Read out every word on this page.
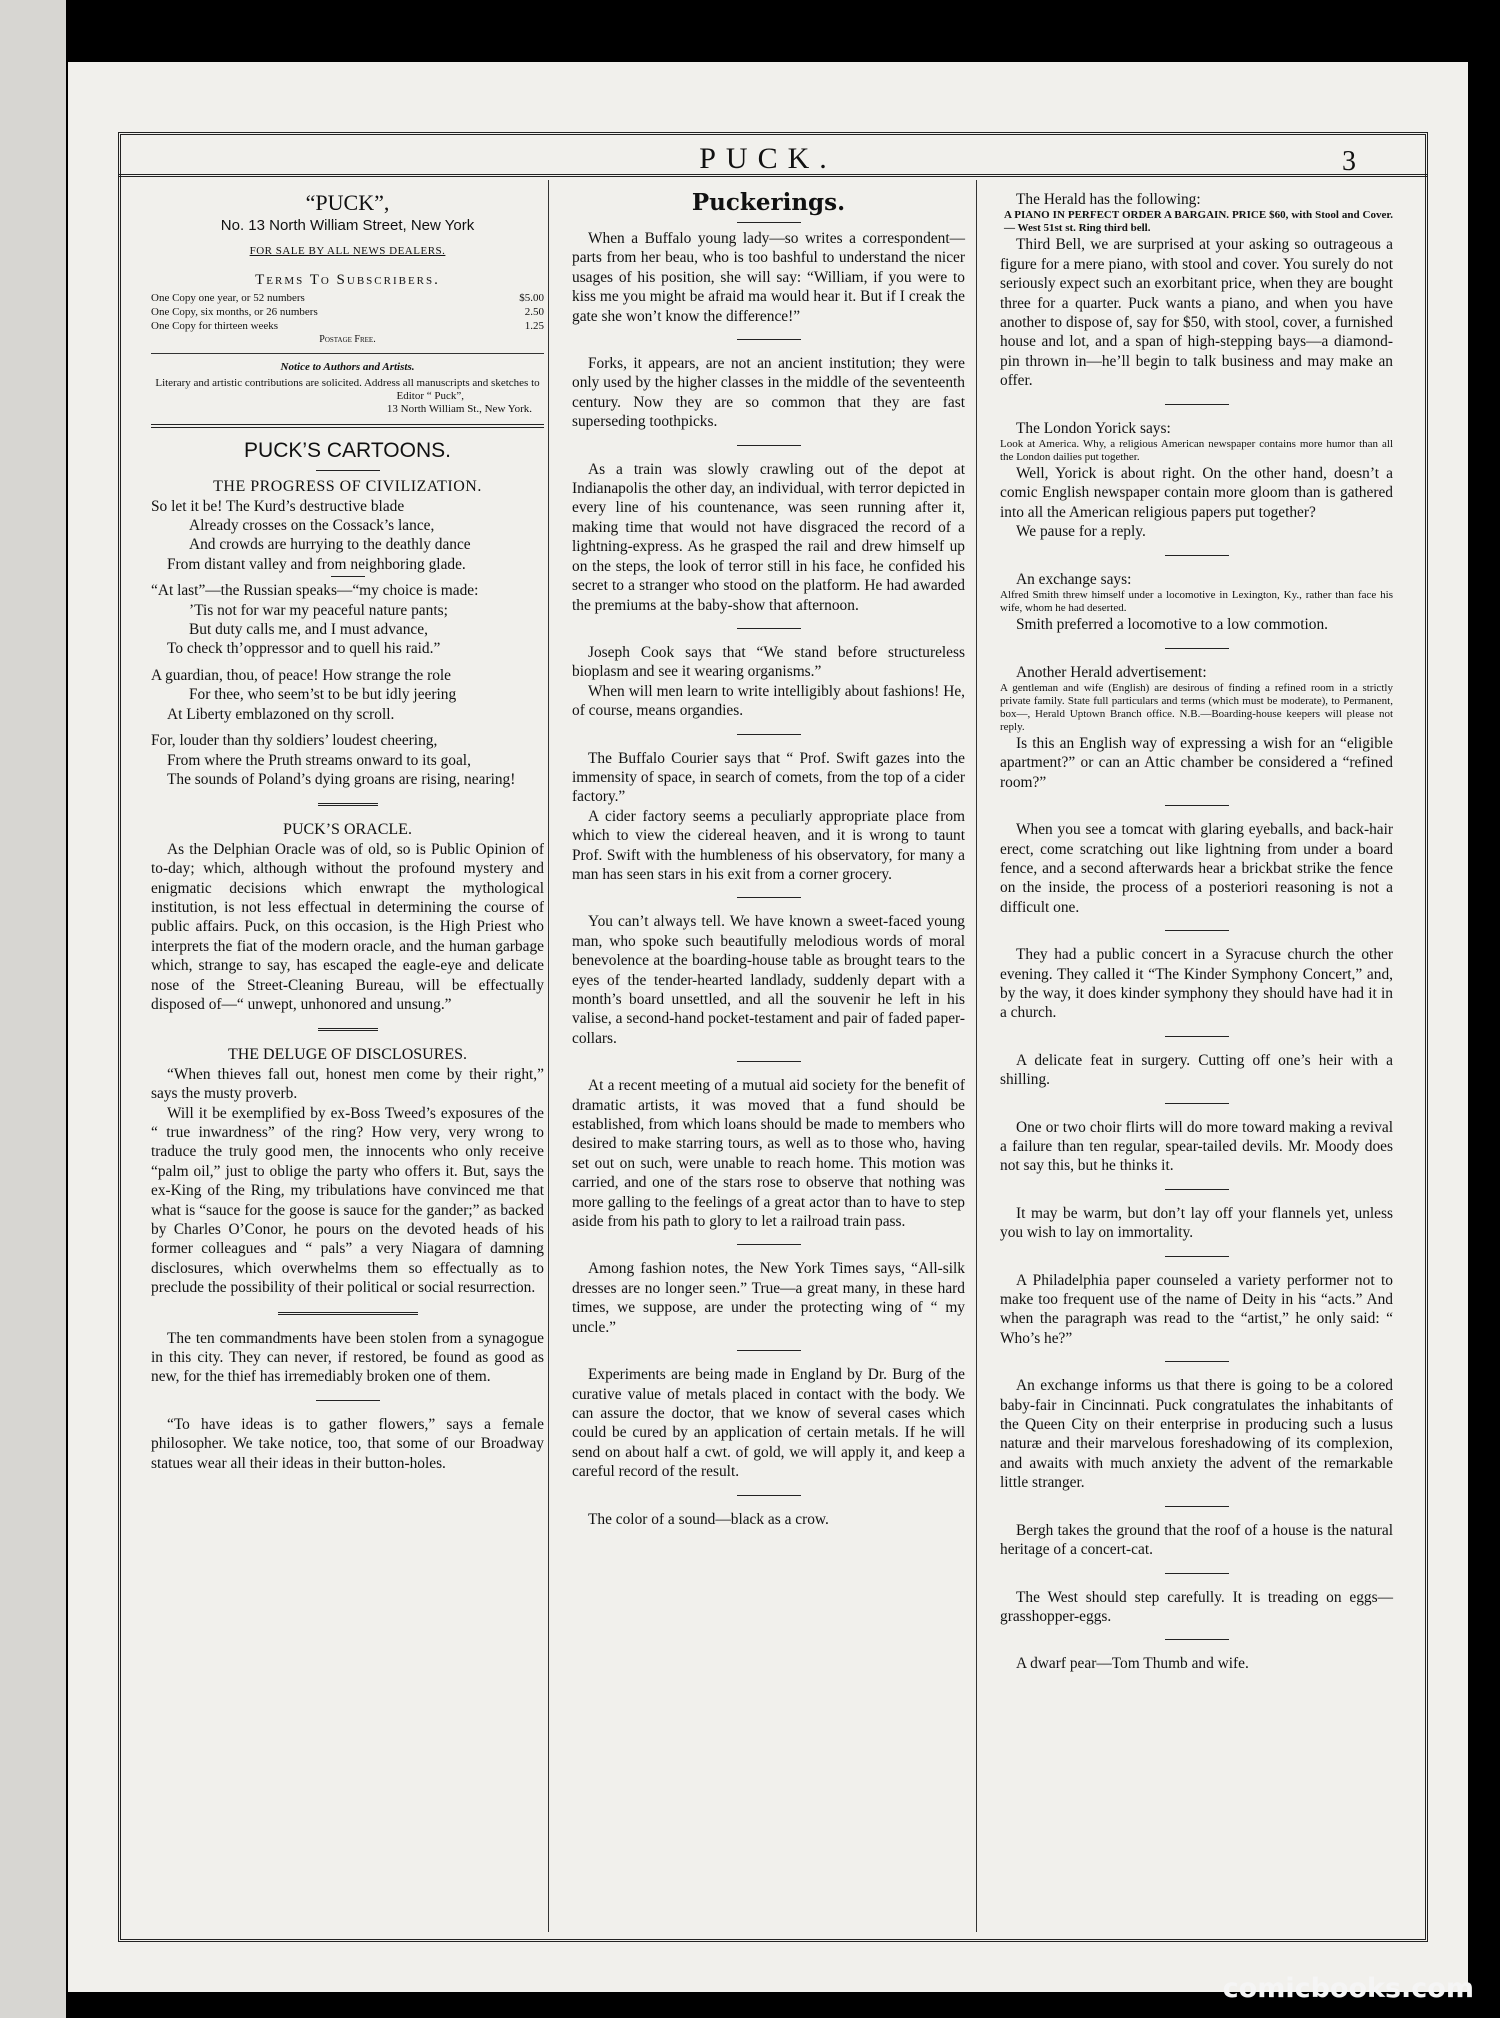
PUCK.	3
“PUCK”,
No. 13 North William Street, New York
FOR SALE BY ALL NEWS DEALERS.
Terms To Subscribers.
One Copy one year, or 52 numbers	$5.00
One Copy, six months, or 26 numbers	2.50
One Copy for thirteen weeks	1.25
Postage Free.
Notice to Authors and Artists.
Literary and artistic contributions are solicited. Address all manuscripts and sketches to
Editor “ Puck”,
13 North William St., New York.
PUCK’S CARTOONS.
THE PROGRESS OF CIVILIZATION.

So let it be! The Kurd’s destructive blade

Already crosses on the Cossack’s lance,

And crowds are hurrying to the deathly dance

From distant valley and from neighboring glade.

“At last”—the Russian speaks—“my choice is made:

’Tis not for war my peaceful nature pants;

But duty calls me, and I must advance,

To check th’oppressor and to quell his raid.”

A guardian, thou, of peace! How strange the role

For thee, who seem’st to be but idly jeering

At Liberty emblazoned on thy scroll.

For, louder than thy soldiers’ loudest cheering,

From where the Pruth streams onward to its goal,

The sounds of Poland’s dying groans are rising, nearing!

PUCK’S ORACLE.

As the Delphian Oracle was of old, so is Public Opinion of to-day; which, although without the profound mystery and enigmatic decisions which enwrapt the mythological institution, is not less effectual in determining the course of public affairs. Puck, on this occasion, is the High Priest who interprets the fiat of the modern oracle, and the human garbage which, strange to say, has escaped the eagle-eye and delicate nose of the Street-Cleaning Bureau, will be effectually disposed of—“ unwept, unhonored and unsung.”

THE DELUGE OF DISCLOSURES.

“When thieves fall out, honest men come by their right,” says the musty proverb.

Will it be exemplified by ex-Boss Tweed’s exposures of the “ true inwardness” of the ring? How very, very wrong to traduce the truly good men, the innocents who only receive “palm oil,” just to oblige the party who offers it. But, says the ex-King of the Ring, my tribulations have convinced me that what is “sauce for the goose is sauce for the gander;” as backed by Charles O’Conor, he pours on the devoted heads of his former colleagues and “ pals” a very Niagara of damning disclosures, which overwhelms them so effectually as to preclude the possibility of their political or social resurrection.

The ten commandments have been stolen from a synagogue in this city. They can never, if restored, be found as good as new, for the thief has irremediably broken one of them.

“To have ideas is to gather flowers,” says a female philosopher. We take notice, too, that some of our Broadway statues wear all their ideas in their button-holes.

Puckerings.

When a Buffalo young lady—so writes a correspondent—parts from her beau, who is too bashful to understand the nicer usages of his position, she will say: “William, if you were to kiss me you might be afraid ma would hear it. But if I creak the gate she won’t know the difference!”

Forks, it appears, are not an ancient institution; they were only used by the higher classes in the middle of the seventeenth century. Now they are so common that they are fast superseding toothpicks.

As a train was slowly crawling out of the depot at Indianapolis the other day, an individual, with terror depicted in every line of his countenance, was seen running after it, making time that would not have disgraced the record of a lightning-express. As he grasped the rail and drew himself up on the steps, the look of terror still in his face, he confided his secret to a stranger who stood on the platform. He had awarded the premiums at the baby-show that afternoon.

Joseph Cook says that “We stand before structureless bioplasm and see it wearing organisms.”

When will men learn to write intelligibly about fashions! He, of course, means organdies.

The Buffalo Courier says that “ Prof. Swift gazes into the immensity of space, in search of comets, from the top of a cider factory.”

A cider factory seems a peculiarly appropriate place from which to view the cidereal heaven, and it is wrong to taunt Prof. Swift with the humbleness of his observatory, for many a man has seen stars in his exit from a corner grocery.

You can’t always tell. We have known a sweet-faced young man, who spoke such beautifully melodious words of moral benevolence at the boarding-house table as brought tears to the eyes of the tender-hearted landlady, suddenly depart with a month’s board unsettled, and all the souvenir he left in his valise, a second-hand pocket-testament and pair of faded paper-collars.

At a recent meeting of a mutual aid society for the benefit of dramatic artists, it was moved that a fund should be established, from which loans should be made to members who desired to make starring tours, as well as to those who, having set out on such, were unable to reach home. This motion was carried, and one of the stars rose to observe that nothing was more galling to the feelings of a great actor than to have to step aside from his path to glory to let a railroad train pass.

Among fashion notes, the New York Times says, “All-silk dresses are no longer seen.” True—a great many, in these hard times, we suppose, are under the protecting wing of “ my uncle.”

Experiments are being made in England by Dr. Burg of the curative value of metals placed in contact with the body. We can assure the doctor, that we know of several cases which could be cured by an application of certain metals. If he will send on about half a cwt. of gold, we will apply it, and keep a careful record of the result.

The color of a sound—black as a crow.

The Herald has the following:

A PIANO IN PERFECT ORDER A BARGAIN. PRICE $60, with Stool and Cover. — West 51st st. Ring third bell.

Third Bell, we are surprised at your asking so outrageous a figure for a mere piano, with stool and cover. You surely do not seriously expect such an exorbitant price, when they are bought three for a quarter. Puck wants a piano, and when you have another to dispose of, say for $50, with stool, cover, a furnished house and lot, and a span of high-stepping bays—a diamond-pin thrown in—he’ll begin to talk business and may make an offer.

The London Yorick says:

Look at America. Why, a religious American newspaper contains more humor than all the London dailies put together.

Well, Yorick is about right. On the other hand, doesn’t a comic English newspaper contain more gloom than is gathered into all the American religious papers put together?

We pause for a reply.

An exchange says:

Alfred Smith threw himself under a locomotive in Lexington, Ky., rather than face his wife, whom he had deserted.

Smith preferred a locomotive to a low commotion.

Another Herald advertisement:

A gentleman and wife (English) are desirous of finding a refined room in a strictly private family. State full particulars and terms (which must be moderate), to Permanent, box—, Herald Uptown Branch office. N.B.—Boarding-house keepers will please not reply.

Is this an English way of expressing a wish for an “eligible apartment?” or can an Attic chamber be considered a “refined room?”

When you see a tomcat with glaring eyeballs, and back-hair erect, come scratching out like lightning from under a board fence, and a second afterwards hear a brickbat strike the fence on the inside, the process of a posteriori reasoning is not a difficult one.

They had a public concert in a Syracuse church the other evening. They called it “The Kinder Symphony Concert,” and, by the way, it does kinder symphony they should have had it in a church.

A delicate feat in surgery. Cutting off one’s heir with a shilling.

One or two choir flirts will do more toward making a revival a failure than ten regular, spear-tailed devils. Mr. Moody does not say this, but he thinks it.

It may be warm, but don’t lay off your flannels yet, unless you wish to lay on immortality.

A Philadelphia paper counseled a variety performer not to make too frequent use of the name of Deity in his “acts.” And when the paragraph was read to the “artist,” he only said: “ Who’s he?”

An exchange informs us that there is going to be a colored baby-fair in Cincinnati. Puck congratulates the inhabitants of the Queen City on their enterprise in producing such a lusus naturæ and their marvelous foreshadowing of its complexion, and awaits with much anxiety the advent of the remarkable little stranger.

Bergh takes the ground that the roof of a house is the natural heritage of a concert-cat.

The West should step carefully. It is treading on eggs—grasshopper-eggs.

A dwarf pear—Tom Thumb and wife.

comicbooks.com
